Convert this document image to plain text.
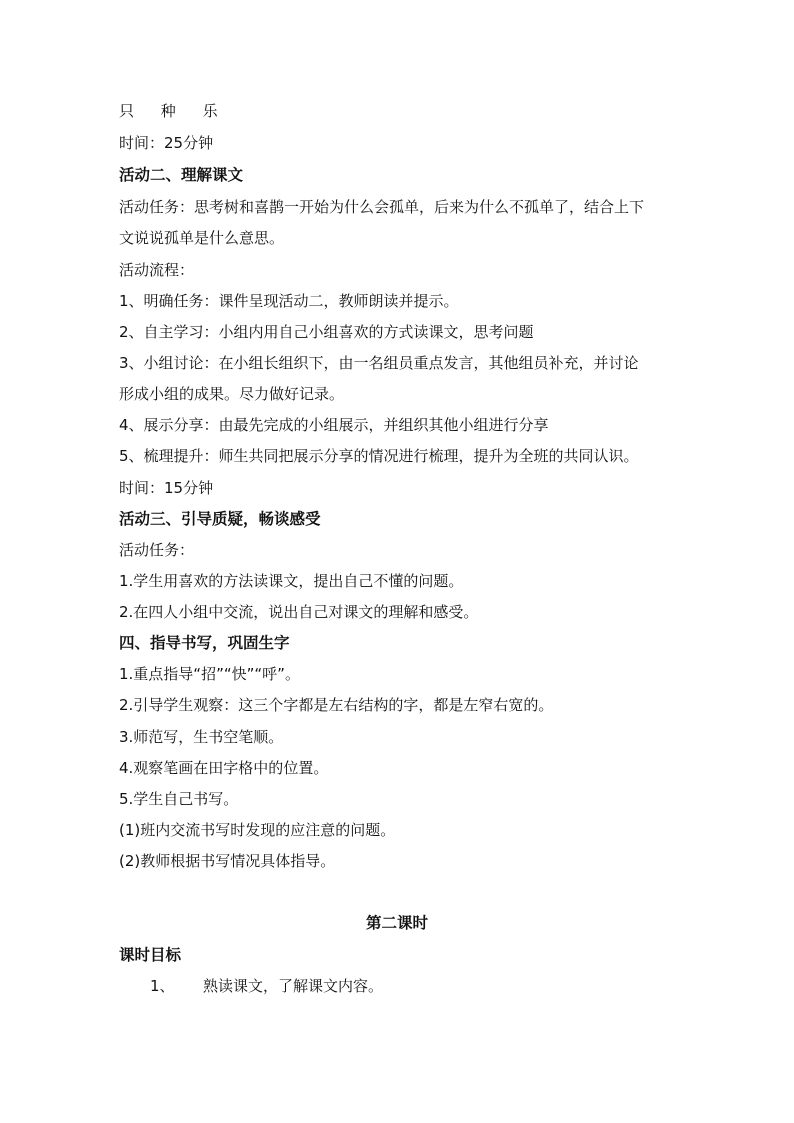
只 种 乐
时间：25分钟
活动二、理解课文
活动任务：思考树和喜鹊一开始为什么会孤单，后来为什么不孤单了，结合上下
文说说孤单是什么意思。
活动流程：
1、明确任务：课件呈现活动二，教师朗读并提示。
2、自主学习：小组内用自己小组喜欢的方式读课文，思考问题
3、小组讨论：在小组长组织下，由一名组员重点发言，其他组员补充，并讨论
形成小组的成果。尽力做好记录。
4、展示分享：由最先完成的小组展示，并组织其他小组进行分享
5、梳理提升：师生共同把展示分享的情况进行梳理，提升为全班的共同认识。
时间：15分钟
活动三、引导质疑，畅谈感受
活动任务：
1.学生用喜欢的方法读课文，提出自己不懂的问题。
2.在四人小组中交流，说出自己对课文的理解和感受。
四、指导书写，巩固生字
1.重点指导“招”“快”“呼”。
2.引导学生观察：这三个字都是左右结构的字，都是左窄右宽的。
3.师范写，生书空笔顺。
4.观察笔画在田字格中的位置。
5.学生自己书写。
(1)班内交流书写时发现的应注意的问题。
(2)教师根据书写情况具体指导。
第二课时
课时目标
1、 熟读课文，了解课文内容。
